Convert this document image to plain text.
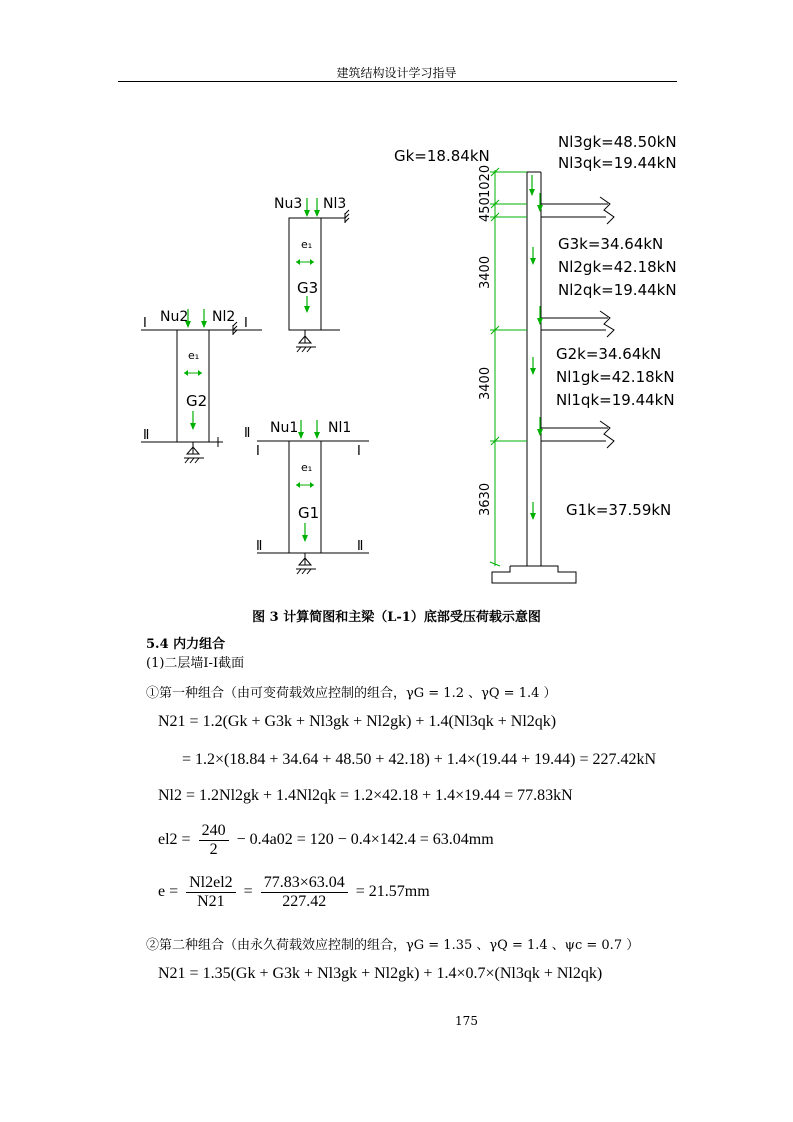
建筑结构设计学习指导
Nu3 Nl3
e₁
G3
I	I
Ⅱ
Nu2 Nl2
e₁
G2
Ⅱ
I	I
Ⅱ	Ⅱ
Nu1 Nl1
e₁
G1
1020
450
3400
3400
3630
Gk=18.84kN
Nl3gk=48.50kN
Nl3qk=19.44kN
G3k=34.64kN
Nl2gk=42.18kN
Nl2qk=19.44kN
G2k=34.64kN
Nl1gk=42.18kN
Nl1qk=19.44kN
G1k=37.59kN
图 3 计算简图和主梁（L-1）底部受压荷载示意图
5.4 内力组合
(1)二层墙Ⅰ-Ⅰ截面
①第一种组合（由可变荷载效应控制的组合，γG = 1.2 、γQ = 1.4 ）
N21 = 1.2(Gk + G3k + Nl3gk + Nl2gk) + 1.4(Nl3qk + Nl2qk)
= 1.2×(18.84 + 34.64 + 48.50 + 42.18) + 1.4×(19.44 + 19.44) = 227.42kN
Nl2 = 1.2Nl2gk + 1.4Nl2qk = 1.2×42.18 + 1.4×19.44 = 77.83kN
$el2 = \frac{240}{2} - 0.4a02 = 120 - 0.4\times 142.4 = 63.04mm$
$e = \frac{Nl2el2}{N21} = \frac{77.83\times 63.04}{227.42} = 21.57mm$
②第二种组合（由永久荷载效应控制的组合，γG = 1.35 、γQ = 1.4 、ψc = 0.7 ）
N21 = 1.35(Gk + G3k + Nl3gk + Nl2gk) + 1.4×0.7×(Nl3qk + Nl2qk)
175
